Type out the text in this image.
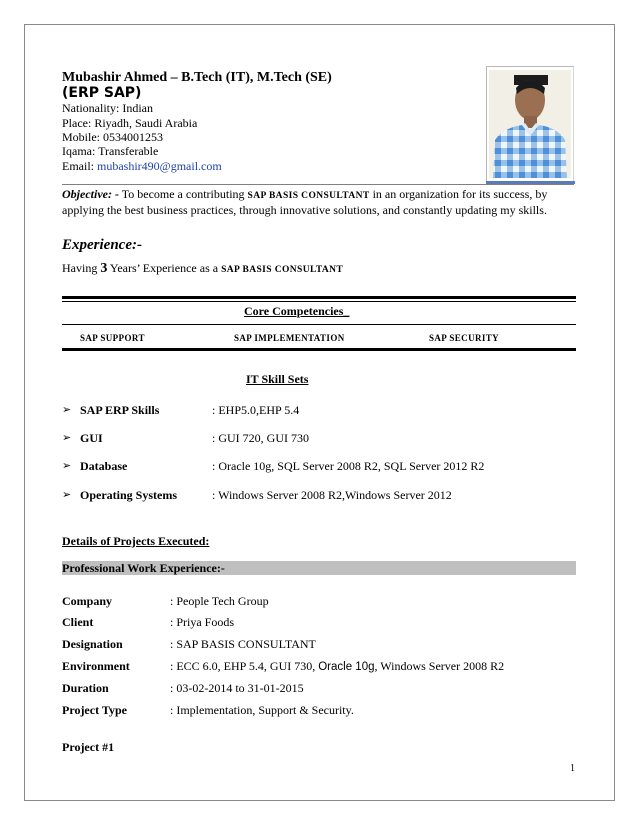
Mubashir Ahmed – B.Tech (IT), M.Tech (SE)
(ERP SAP)
Nationality: Indian
Place: Riyadh, Saudi Arabia
Mobile: 0534001253
Iqama: Transferable
Email: mubashir490@gmail.com
Objective: - To become a contributing SAP BASIS CONSULTANT in an organization for its success, by applying the best business practices, through innovative solutions, and constantly updating my skills.
Experience:-
Having 3 Years’ Experience as a SAP BASIS CONSULTANT
Core Competencies_
SAP SUPPORT	SAP IMPLEMENTATION	SAP SECURITY
IT Skill Sets
➢ SAP ERP Skills	: EHP5.0,EHP 5.4
➢ GUI	: GUI 720, GUI 730
➢ Database	: Oracle 10g, SQL Server 2008 R2, SQL Server 2012 R2
➢ Operating Systems	: Windows Server 2008 R2,Windows Server 2012
Details of Projects Executed:
Professional Work Experience:-
Company	: People Tech Group
Client	: Priya Foods
Designation	: SAP BASIS CONSULTANT
Environment	: ECC 6.0, EHP 5.4, GUI 730, Oracle 10g, Windows Server 2008 R2
Duration	: 03-02-2014 to 31-01-2015
Project Type	: Implementation, Support & Security.
Project #1
1
